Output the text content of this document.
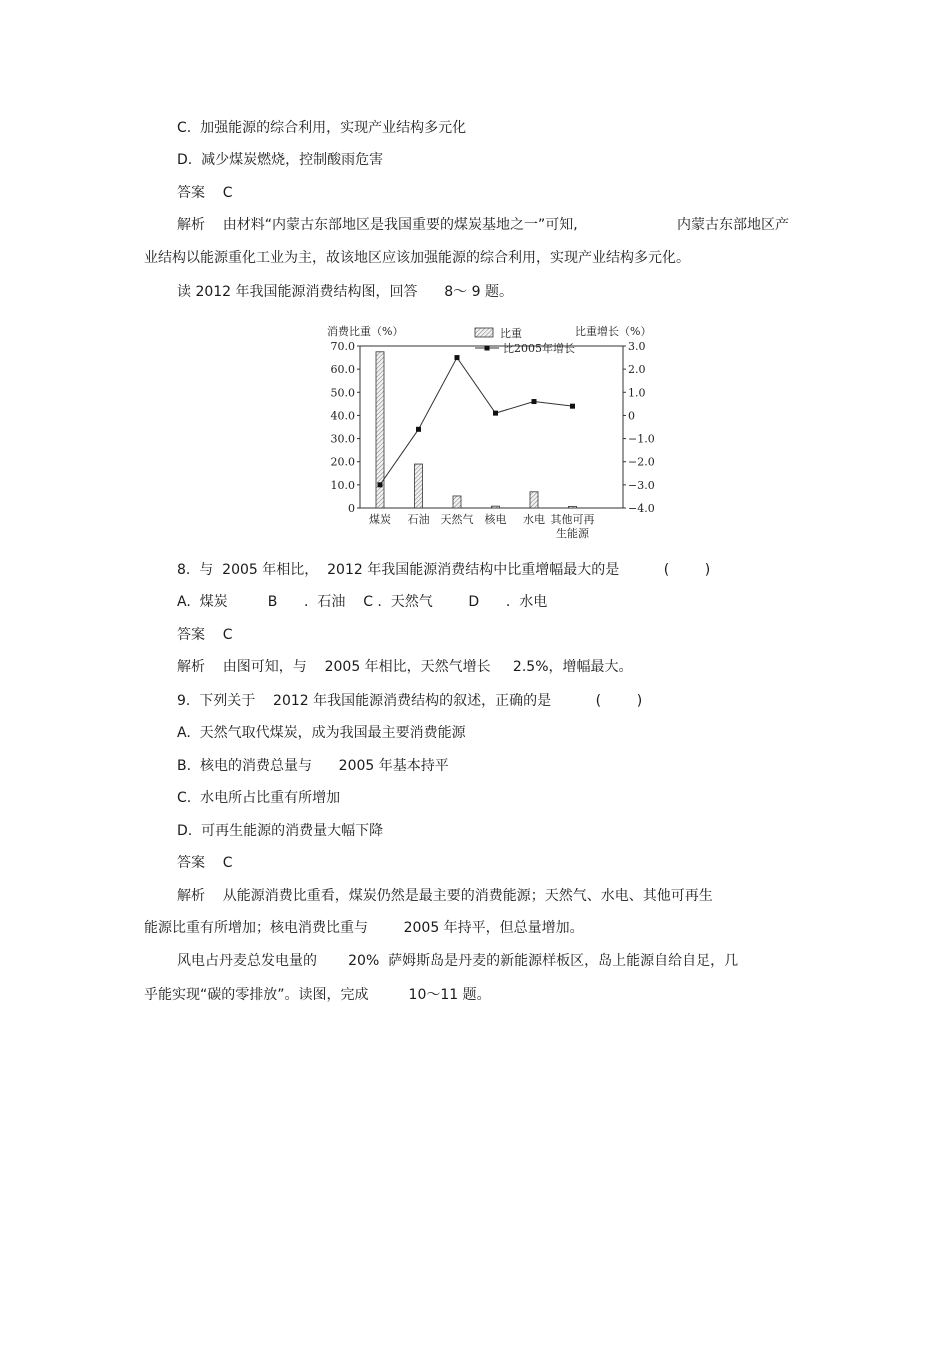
C.  加强能源的综合利用，实现产业结构多元化
D.  减少煤炭燃烧，控制酸雨危害
答案    C
解析    由材料“内蒙古东部地区是我国重要的煤炭基地之一”可知,	内蒙古东部地区产
业结构以能源重化工业为主，故该地区应该加强能源的综合利用，实现产业结构多元化。
读 2012 年我国能源消费结构图，回答      8～ 9 题。
70.0
60.0
50.0
40.0
30.0
20.0
10.0
0
3.0
2.0
1.0
0
−1.0
−2.0
−3.0
−4.0
消费比重（%）	比重增长（%）
比重
比2005年增长
煤炭 石油 天然气 核电 水电 其他可再
生能源
8.  与  2005 年相比，  2012 年我国能源消费结构中比重增幅最大的是          (        )
A.  煤炭         B      .  石油    C .  天然气        D      .  水电
答案    C
解析    由图可知，与    2005 年相比，天然气增长     2.5%，增幅最大。
9.  下列关于    2012 年我国能源消费结构的叙述，正确的是          (        )
A.  天然气取代煤炭，成为我国最主要消费能源
B.  核电的消费总量与      2005 年基本持平
C.  水电所占比重有所增加
D.  可再生能源的消费量大幅下降
答案    C
解析    从能源消费比重看，煤炭仍然是最主要的消费能源；天然气、水电、其他可再生
能源比重有所增加；核电消费比重与        2005 年持平，但总量增加。
风电占丹麦总发电量的       20%  萨姆斯岛是丹麦的新能源样板区，岛上能源自给自足，几
乎能实现“碳的零排放”。读图，完成         10～11 题。
